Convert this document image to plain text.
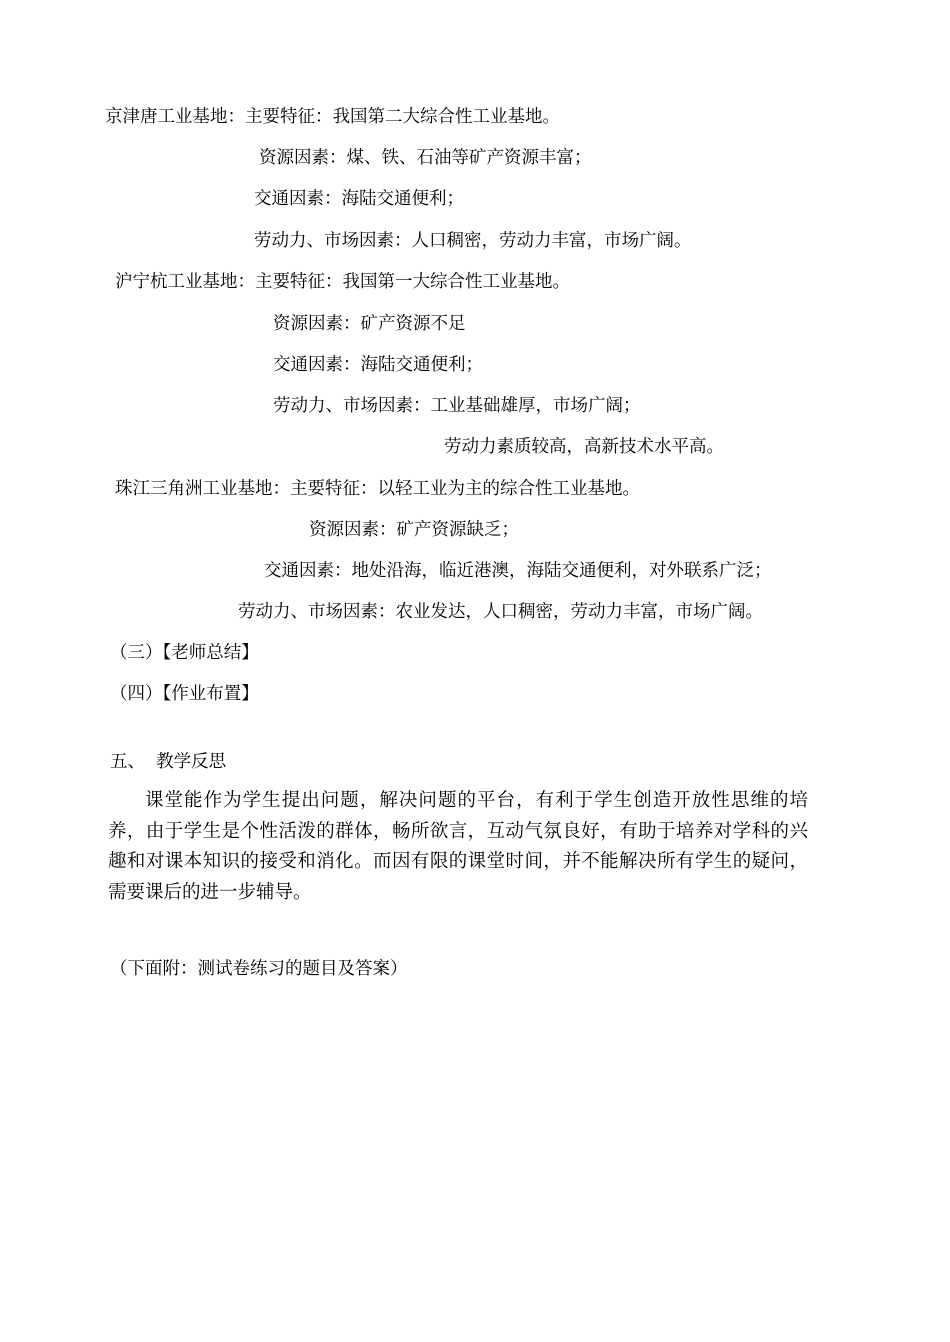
京津唐工业基地：主要特征：我国第二大综合性工业基地。
资源因素：煤、铁、石油等矿产资源丰富；
交通因素：海陆交通便利；
劳动力、市场因素：人口稠密，劳动力丰富，市场广阔。
沪宁杭工业基地：主要特征：我国第一大综合性工业基地。
资源因素：矿产资源不足
交通因素：海陆交通便利；
劳动力、市场因素：工业基础雄厚，市场广阔；
劳动力素质较高，高新技术水平高。
珠江三角洲工业基地：主要特征：以轻工业为主的综合性工业基地。
资源因素：矿产资源缺乏；
交通因素：地处沿海，临近港澳，海陆交通便利，对外联系广泛；
劳动力、市场因素：农业发达，人口稠密，劳动力丰富，市场广阔。
（三）【老师总结】
（四）【作业布置】
五、  教学反思
课堂能作为学生提出问题，解决问题的平台，有利于学生创造开放性思维的培养，由于学生是个性活泼的群体，畅所欲言，互动气氛良好，有助于培养对学科的兴趣和对课本知识的接受和消化。而因有限的课堂时间，并不能解决所有学生的疑问，需要课后的进一步辅导。
（下面附：测试卷练习的题目及答案）
